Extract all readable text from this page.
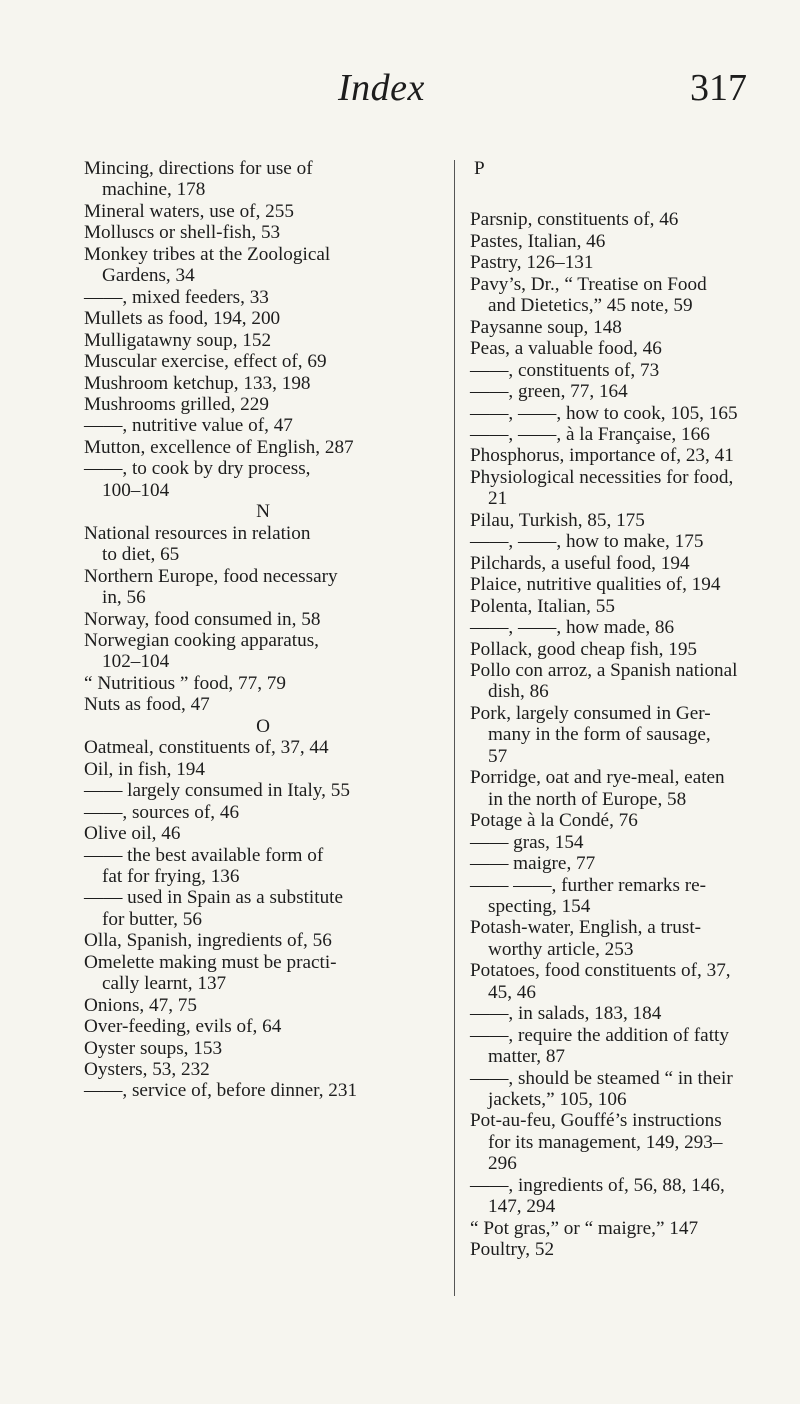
Index	317
Mincing, directions for use of
machine, 178
Mineral waters, use of, 255
Molluscs or shell-fish, 53
Monkey tribes at the Zoological
Gardens, 34
——, mixed feeders, 33
Mullets as food, 194, 200
Mulligatawny soup, 152
Muscular exercise, effect of, 69
Mushroom ketchup, 133, 198
Mushrooms grilled, 229
——, nutritive value of, 47
Mutton, excellence of English, 287
——, to cook by dry process,
100–104
N
National resources in relation
to diet, 65
Northern Europe, food necessary
in, 56
Norway, food consumed in, 58
Norwegian cooking apparatus,
102–104
“ Nutritious ” food, 77, 79
Nuts as food, 47
O
Oatmeal, constituents of, 37, 44
Oil, in fish, 194
—— largely consumed in Italy, 55
——, sources of, 46
Olive oil, 46
—— the best available form of
fat for frying, 136
—— used in Spain as a substitute
for butter, 56
Olla, Spanish, ingredients of, 56
Omelette making must be practi-
cally learnt, 137
Onions, 47, 75
Over-feeding, evils of, 64
Oyster soups, 153
Oysters, 53, 232
——, service of, before dinner, 231
P
Parsnip, constituents of, 46
Pastes, Italian, 46
Pastry, 126–131
Pavy’s, Dr., “ Treatise on Food
and Dietetics,” 45 note, 59
Paysanne soup, 148
Peas, a valuable food, 46
——, constituents of, 73
——, green, 77, 164
——, ——, how to cook, 105, 165
——, ——, à la Française, 166
Phosphorus, importance of, 23, 41
Physiological necessities for food,
21
Pilau, Turkish, 85, 175
——, ——, how to make, 175
Pilchards, a useful food, 194
Plaice, nutritive qualities of, 194
Polenta, Italian, 55
——, ——, how made, 86
Pollack, good cheap fish, 195
Pollo con arroz, a Spanish national
dish, 86
Pork, largely consumed in Ger-
many in the form of sausage,
57
Porridge, oat and rye-meal, eaten
in the north of Europe, 58
Potage à la Condé, 76
—— gras, 154
—— maigre, 77
—— ——, further remarks re-
specting, 154
Potash-water, English, a trust-
worthy article, 253
Potatoes, food constituents of, 37,
45, 46
——, in salads, 183, 184
——, require the addition of fatty
matter, 87
——, should be steamed “ in their
jackets,” 105, 106
Pot-au-feu, Gouffé’s instructions
for its management, 149, 293–
296
——, ingredients of, 56, 88, 146,
147, 294
“ Pot gras,” or “ maigre,” 147
Poultry, 52
